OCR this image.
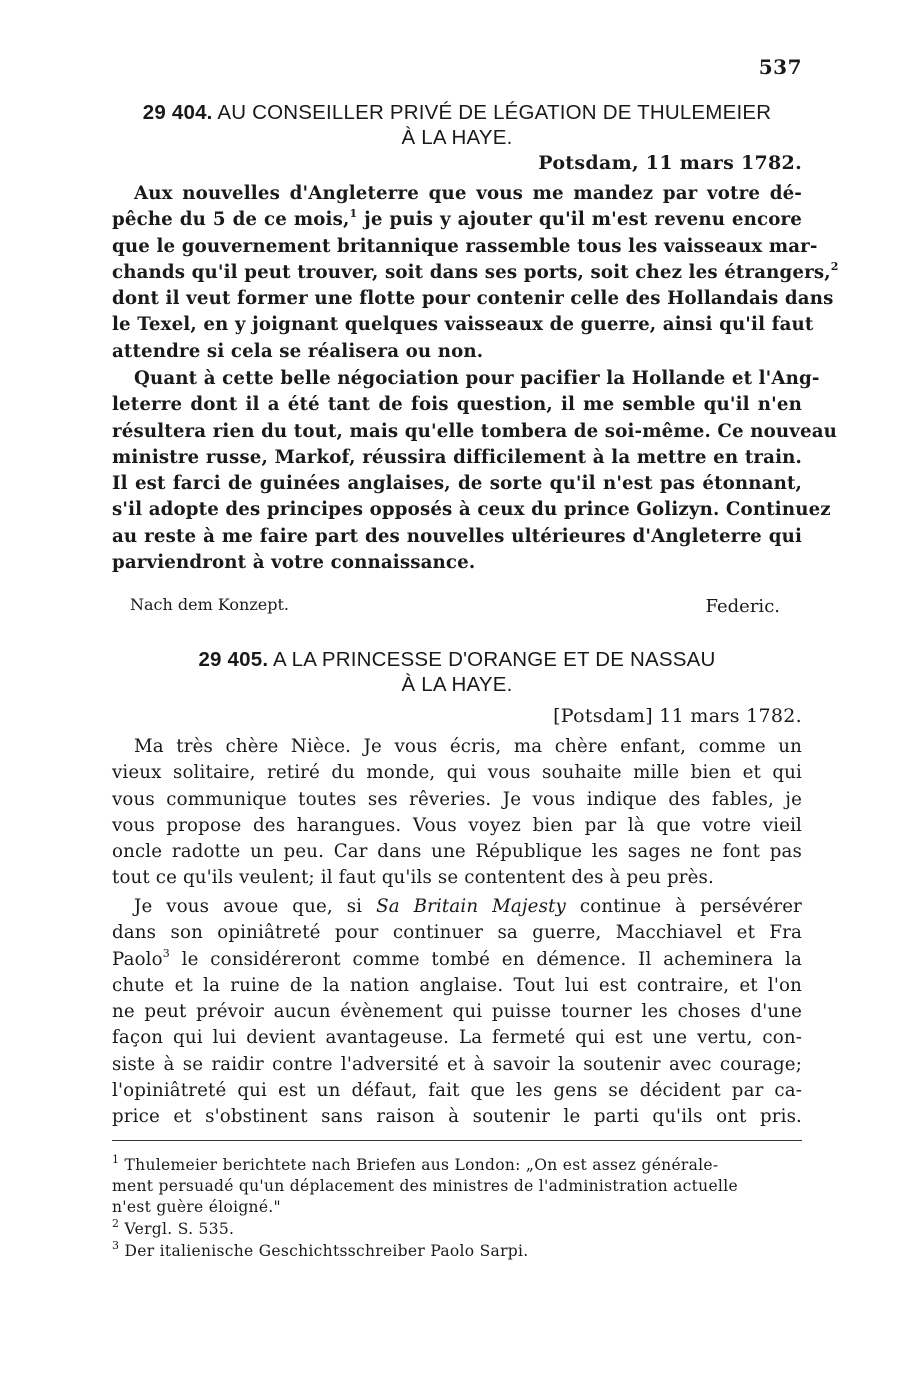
537
29 404. AU CONSEILLER PRIVÉ DE LÉGATION DE THULEMEIER
À LA HAYE.
Potsdam, 11 mars 1782.
Aux nouvelles d'Angleterre que vous me mandez par votre dé-
pêche du 5 de ce mois,$^1$ je puis y ajouter qu'il m'est revenu encore
que le gouvernement britannique rassemble tous les vaisseaux mar-
chands qu'il peut trouver, soit dans ses ports, soit chez les étrangers,$^2$
dont il veut former une flotte pour contenir celle des Hollandais dans
le Texel, en y joignant quelques vaisseaux de guerre, ainsi qu'il faut
attendre si cela se réalisera ou non.
Quant à cette belle négociation pour pacifier la Hollande et l'Ang-
leterre dont il a été tant de fois question, il me semble qu'il n'en
résultera rien du tout, mais qu'elle tombera de soi-même. Ce nouveau
ministre russe, Markof, réussira difficilement à la mettre en train.
Il est farci de guinées anglaises, de sorte qu'il n'est pas étonnant,
s'il adopte des principes opposés à ceux du prince Golizyn. Continuez
au reste à me faire part des nouvelles ultérieures d'Angleterre qui
parviendront à votre connaissance.
Federic.
Nach dem Konzept.
29 405. A LA PRINCESSE D'ORANGE ET DE NASSAU
À LA HAYE.
[Potsdam] 11 mars 1782.
Ma très chère Nièce. Je vous écris, ma chère enfant, comme un
vieux solitaire, retiré du monde, qui vous souhaite mille bien et qui
vous communique toutes ses rêveries. Je vous indique des fables, je
vous propose des harangues. Vous voyez bien par là que votre vieil
oncle radotte un peu. Car dans une République les sages ne font pas
tout ce qu'ils veulent; il faut qu'ils se contentent des à peu près.
Je vous avoue que, si Sa Britain Majesty continue à persévérer
dans son opiniâtreté pour continuer sa guerre, Macchiavel et Fra
Paolo$^3$ le considéreront comme tombé en démence. Il acheminera la
chute et la ruine de la nation anglaise. Tout lui est contraire, et l'on
ne peut prévoir aucun évènement qui puisse tourner les choses d'une
façon qui lui devient avantageuse. La fermeté qui est une vertu, con-
siste à se raidir contre l'adversité et à savoir la soutenir avec courage;
l'opiniâtreté qui est un défaut, fait que les gens se décident par ca-
price et s'obstinent sans raison à soutenir le parti qu'ils ont pris.
$^1$ Thulemeier berichtete nach Briefen aus London: „On est assez générale-
ment persuadé qu'un déplacement des ministres de l'administration actuelle
n'est guère éloigné."
$^2$ Vergl. S. 535.
$^3$ Der italienische Geschichtsschreiber Paolo Sarpi.
